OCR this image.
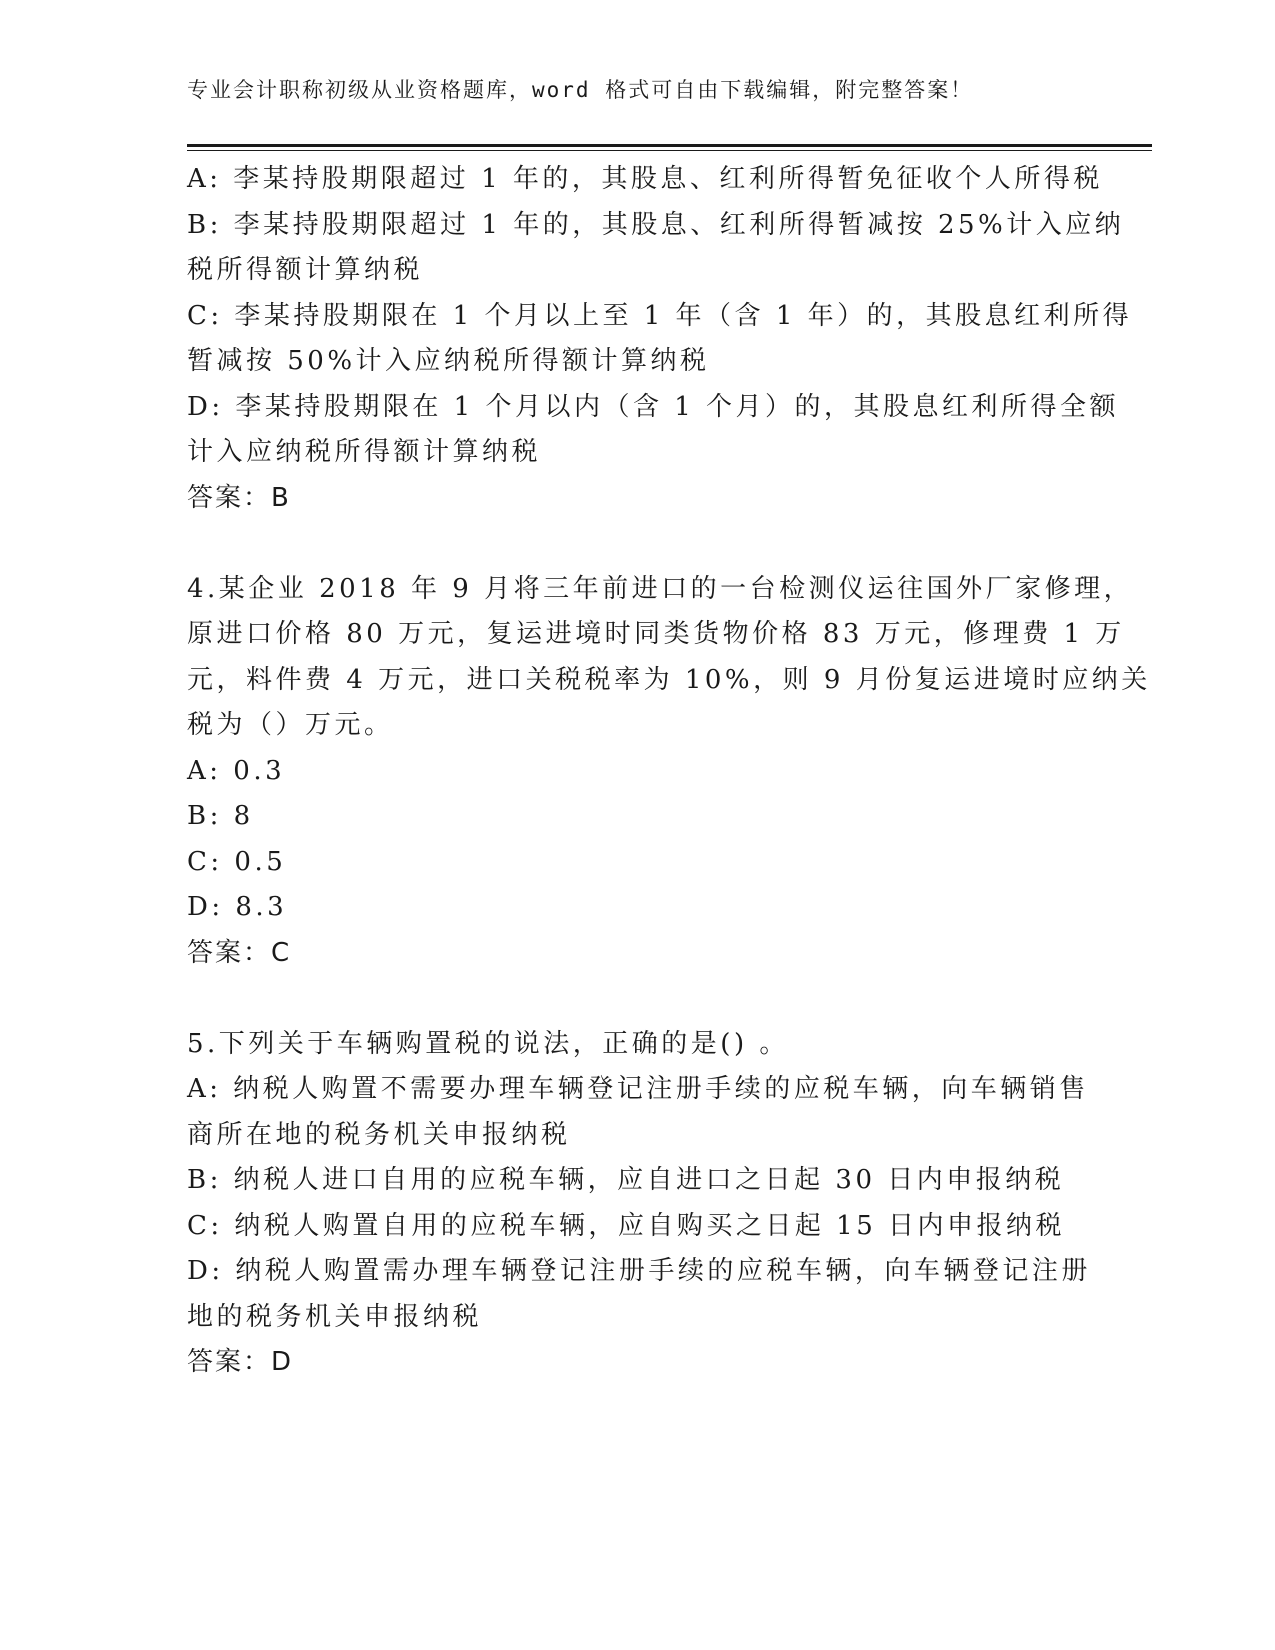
专业会计职称初级从业资格题库，word 格式可自由下载编辑，附完整答案！
A: 李某持股期限超过 1 年的，其股息、红利所得暂免征收个人所得税
B: 李某持股期限超过 1 年的，其股息、红利所得暂减按 25%计入应纳
税所得额计算纳税
C: 李某持股期限在 1 个月以上至 1 年（含 1 年）的，其股息红利所得
暂减按 50%计入应纳税所得额计算纳税
D: 李某持股期限在 1 个月以内（含 1 个月）的，其股息红利所得全额
计入应纳税所得额计算纳税
答案：B
4.某企业 2018 年 9 月将三年前进口的一台检测仪运往国外厂家修理，
原进口价格 80 万元，复运进境时同类货物价格 83 万元，修理费 1 万
元，料件费 4 万元，进口关税税率为 10%，则 9 月份复运进境时应纳关
税为（）万元。
A: 0.3
B: 8
C: 0.5
D: 8.3
答案：C
5.下列关于车辆购置税的说法，正确的是() 。
A: 纳税人购置不需要办理车辆登记注册手续的应税车辆，向车辆销售
商所在地的税务机关申报纳税
B: 纳税人进口自用的应税车辆，应自进口之日起 30 日内申报纳税
C: 纳税人购置自用的应税车辆，应自购买之日起 15 日内申报纳税
D: 纳税人购置需办理车辆登记注册手续的应税车辆，向车辆登记注册
地的税务机关申报纳税
答案：D
